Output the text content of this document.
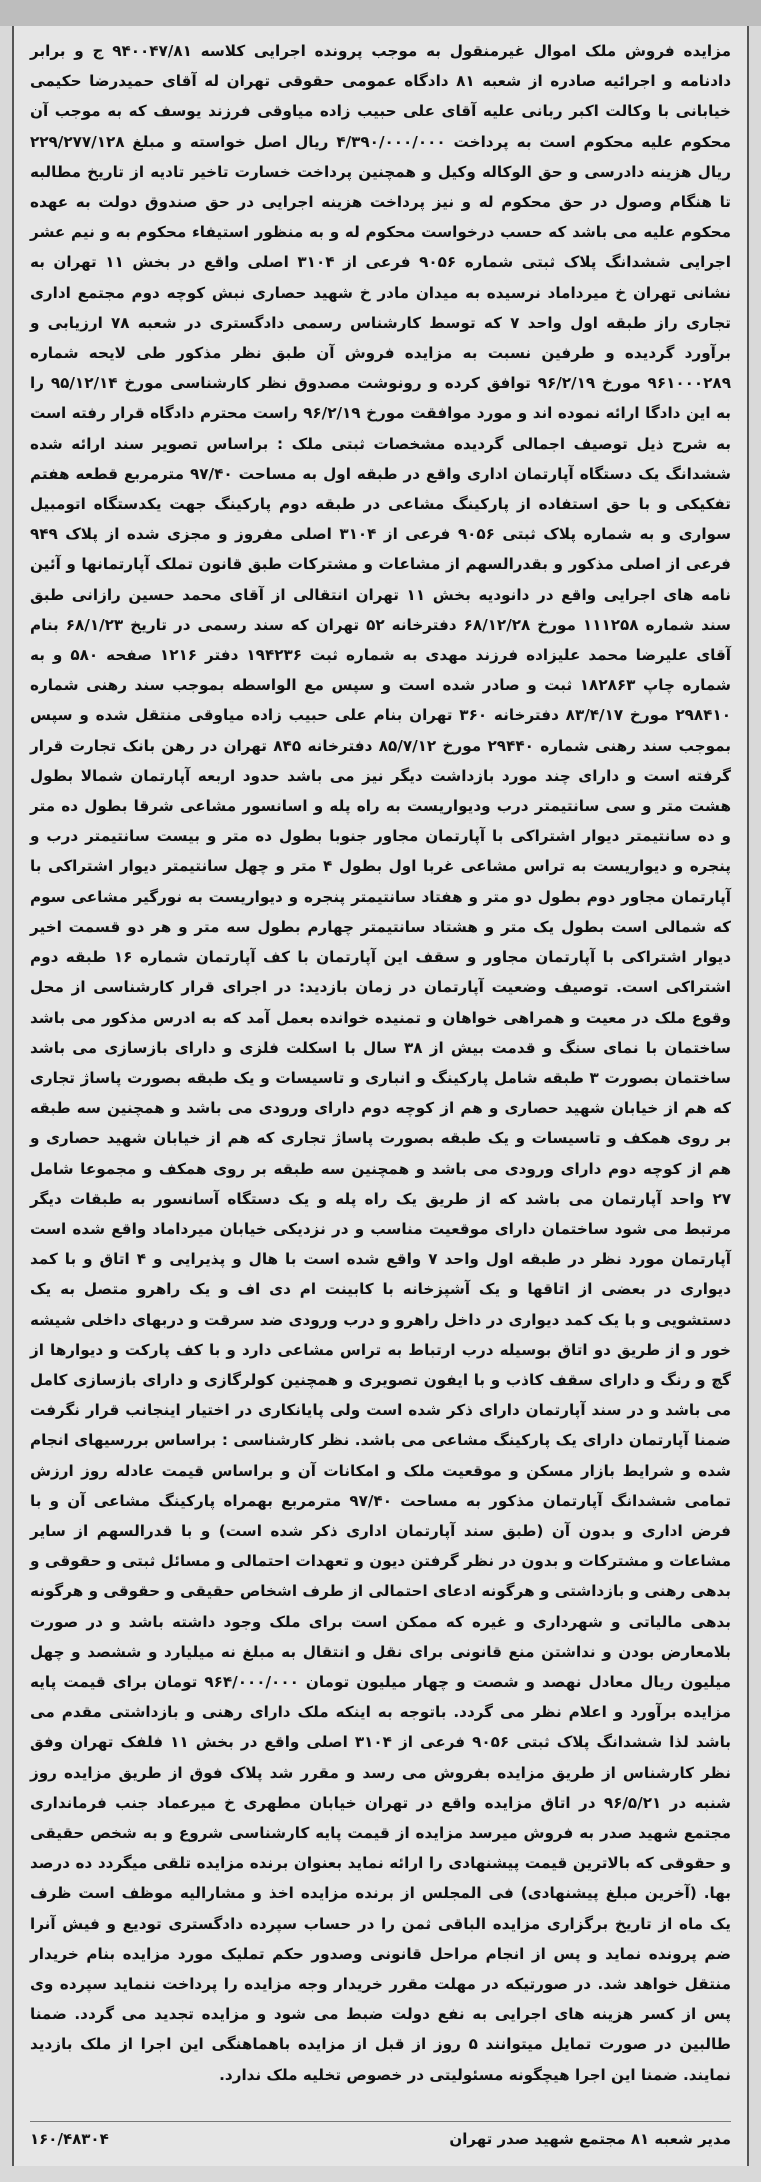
مزایده فروش ملک اموال غیرمنقول به موجب پرونده اجرایی کلاسه ۹۴۰۰۴۷/۸۱ ج و برابر دادنامه و اجرائیه صادره از شعبه ۸۱ دادگاه عمومی حقوقی تهران له آقای حمیدرضا حکیمی خیابانی با وکالت اکبر ربانی علیه آقای علی حبیب زاده میاوقی فرزند یوسف که به موجب آن محکوم علیه محکوم است به پرداخت ۴/۳۹۰/۰۰۰/۰۰۰ ریال اصل خواسته و مبلغ ۲۲۹/۲۷۷/۱۲۸ ریال هزینه دادرسی و حق الوکاله وکیل و همچنین پرداخت خسارت تاخیر تادیه از تاریخ مطالبه تا هنگام وصول در حق محکوم له و نیز پرداخت هزینه اجرایی در حق صندوق دولت به عهده محکوم علیه می باشد که حسب درخواست محکوم له و به منظور استیفاء محکوم به و نیم عشر اجرایی ششدانگ پلاک ثبتی شماره ۹۰۵۶ فرعی از ۳۱۰۴ اصلی واقع در بخش ۱۱ تهران به نشانی تهران خ میرداماد نرسیده به میدان مادر خ شهید حصاری نبش کوچه دوم مجتمع اداری تجاری راز طبقه اول واحد ۷ که توسط کارشناس رسمی دادگستری در شعبه ۷۸ ارزیابی و برآورد گردیده و طرفین نسبت به مزایده فروش آن طبق نظر مذکور طی لایحه شماره ۹۶۱۰۰۰۲۸۹ مورخ ۹۶/۲/۱۹ توافق کرده و رونوشت مصدوق نظر کارشناسی مورخ ۹۵/۱۲/۱۴ را به این دادگا ارائه نموده اند و مورد موافقت مورخ ۹۶/۲/۱۹ راست محترم دادگاه قرار رفته است به شرح ذیل توصیف اجمالی گردیده مشخصات ثبتی ملک : براساس تصویر سند ارائه شده ششدانگ یک دستگاه آپارتمان اداری واقع در طبقه اول به مساحت ۹۷/۴۰ مترمربع قطعه هفتم تفکیکی و با حق استفاده از پارکینگ مشاعی در طبقه دوم پارکینگ جهت یکدستگاه اتومبیل سواری و به شماره پلاک ثبتی ۹۰۵۶ فرعی از ۳۱۰۴ اصلی مفروز و مجزی شده از پلاک ۹۴۹ فرعی از اصلی مذکور و بقدرالسهم از مشاعات و مشترکات طبق قانون تملک آپارتمانها و آئین نامه های اجرایی واقع در دانودیه بخش ۱۱ تهران انتقالی از آقای محمد حسین رازانی طبق سند شماره ۱۱۱۲۵۸ مورخ ۶۸/۱۲/۲۸ دفترخانه ۵۲ تهران که سند رسمی در تاریخ ۶۸/۱/۲۳ بنام آقای علیرضا محمد علیزاده فرزند مهدی به شماره ثبت ۱۹۴۲۳۶ دفتر ۱۲۱۶ صفحه ۵۸۰ و به شماره چاپ ۱۸۲۸۶۳ ثبت و صادر شده است و سپس مع الواسطه بموجب سند رهنی شماره ۲۹۸۴۱۰ مورخ ۸۳/۴/۱۷ دفترخانه ۳۶۰ تهران بنام علی حبیب زاده میاوقی منتقل شده و سپس بموجب سند رهنی شماره ۲۹۴۴۰ مورخ ۸۵/۷/۱۲ دفترخانه ۸۴۵ تهران در رهن بانک تجارت قرار گرفته است و دارای چند مورد بازداشت دیگر نیز می باشد حدود اربعه آپارتمان شمالا بطول هشت متر و سی سانتیمتر درب ودیواریست به راه پله و اسانسور مشاعی شرقا بطول ده متر و ده سانتیمتر دیوار اشتراکی با آپارتمان مجاور جنوبا بطول ده متر و بیست سانتیمتر درب و پنجره و دیواریست به تراس مشاعی غربا اول بطول ۴ متر و چهل سانتیمتر دیوار اشتراکی با آپارتمان مجاور دوم بطول دو متر و هفتاد سانتیمتر پنجره و دیواریست به نورگیر مشاعی سوم که شمالی است بطول یک متر و هشتاد سانتیمتر چهارم بطول سه متر و هر دو قسمت اخیر دیوار اشتراکی با آپارتمان مجاور و سقف این آپارتمان با کف آپارتمان شماره ۱۶ طبقه دوم اشتراکی است. توصیف وضعیت آپارتمان در زمان بازدید: در اجرای قرار کارشناسی از محل وقوع ملک در معیت و همراهی خواهان و تمنیده خوانده بعمل آمد که به ادرس مذکور می باشد ساختمان با نمای سنگ و قدمت بیش از ۳۸ سال با اسکلت فلزی و دارای بازسازی می باشد ساختمان بصورت ۳ طبقه شامل پارکینگ و انباری و تاسیسات و یک طبقه بصورت پاساژ تجاری که هم از خیابان شهید حصاری و هم از کوچه دوم دارای ورودی می باشد و همچنین سه طبقه بر روی همکف و تاسیسات و یک طبقه بصورت پاساژ تجاری که هم از خیابان شهید حصاری و هم از کوچه دوم دارای ورودی می باشد و همچنین سه طبقه بر روی همکف و مجموعا شامل ۲۷ واحد آپارتمان می باشد که از طریق یک راه پله و یک دستگاه آسانسور به طبقات دیگر مرتبط می شود ساختمان دارای موقعیت مناسب و در نزدیکی خیابان میرداماد واقع شده است آپارتمان مورد نظر در طبقه اول واحد ۷ واقع شده است با هال و پذیرایی و ۴ اتاق و با کمد دیواری در بعضی از اتاقها و یک آشپزخانه با کابینت ام دی اف و یک راهرو متصل به یک دستشویی و با یک کمد دیواری در داخل راهرو و درب ورودی ضد سرقت و دربهای داخلی شیشه خور و از طریق دو اتاق بوسیله درب ارتباط به تراس مشاعی دارد و با کف پارکت و دیوارها از گچ و رنگ و دارای سقف کاذب و با ایفون تصویری و همچنین کولرگازی و دارای بازسازی کامل می باشد و در سند آپارتمان دارای ذکر شده است ولی پایانکاری در اختیار اینجانب قرار نگرفت ضمنا آپارتمان دارای یک پارکینگ مشاعی می باشد. نظر کارشناسی : براساس بررسیهای انجام شده و شرایط بازار مسکن و موقعیت ملک و امکانات آن و براساس قیمت عادله روز ارزش تمامی ششدانگ آپارتمان مذکور به مساحت ۹۷/۴۰ مترمربع بهمراه پارکینگ مشاعی آن و با فرض اداری و بدون آن (طبق سند آپارتمان اداری ذکر شده است) و با قدرالسهم از سایر مشاعات و مشترکات و بدون در نظر گرفتن دیون و تعهدات احتمالی و مسائل ثبتی و حقوقی و بدهی رهنی و بازداشتی و هرگونه ادعای احتمالی از طرف اشخاص حقیقی و حقوقی و هرگونه بدهی مالیاتی و شهرداری و غیره که ممکن است برای ملک وجود داشته باشد و در صورت بلامعارض بودن و نداشتن منع قانونی برای نقل و انتقال به مبلغ نه میلیارد و ششصد و چهل میلیون ریال معادل نهصد و شصت و چهار میلیون تومان ۹۶۴/۰۰۰/۰۰۰ تومان برای قیمت پایه مزایده برآورد و اعلام نظر می گردد. باتوجه به اینکه ملک دارای رهنی و بازداشتی مقدم می باشد لذا ششدانگ پلاک ثبتی ۹۰۵۶ فرعی از ۳۱۰۴ اصلی واقع در بخش ۱۱ فلفک تهران وفق نظر کارشناس از طریق مزایده بفروش می رسد و مقرر شد پلاک فوق از طریق مزایده روز شنبه در ۹۶/۵/۲۱ در اتاق مزایده واقع در تهران خیابان مطهری خ میرعماد جنب فرمانداری مجتمع شهید صدر به فروش میرسد مزایده از قیمت پایه کارشناسی شروع و به شخص حقیقی و حقوقی که بالاترین قیمت پیشنهادی را ارائه نماید بعنوان برنده مزایده تلقی میگردد ده درصد بها. (آخرین مبلغ پیشنهادی) فی المجلس از برنده مزایده اخذ و مشارالیه موظف است ظرف یک ماه از تاریخ برگزاری مزایده الباقی ثمن را در حساب سپرده دادگستری تودیع و فیش آنرا ضم پرونده نماید و پس از انجام مراحل قانونی وصدور حکم تملیک مورد مزایده بنام خریدار منتقل خواهد شد. در صورتیکه در مهلت مقرر خریدار وجه مزایده را پرداخت ننماید سپرده وی پس از کسر هزینه های اجرایی به نفع دولت ضبط می شود و مزایده تجدید می گردد. ضمنا طالبین در صورت تمایل میتوانند ۵ روز از قبل از مزایده باهماهنگی این اجرا از ملک بازدید نمایند. ضمنا این اجرا هیچگونه مسئولیتی در خصوص تخلیه ملک ندارد.
مدیر شعبه ۸۱ مجتمع شهید صدر تهران
۱۶۰/۴۸۳۰۴
